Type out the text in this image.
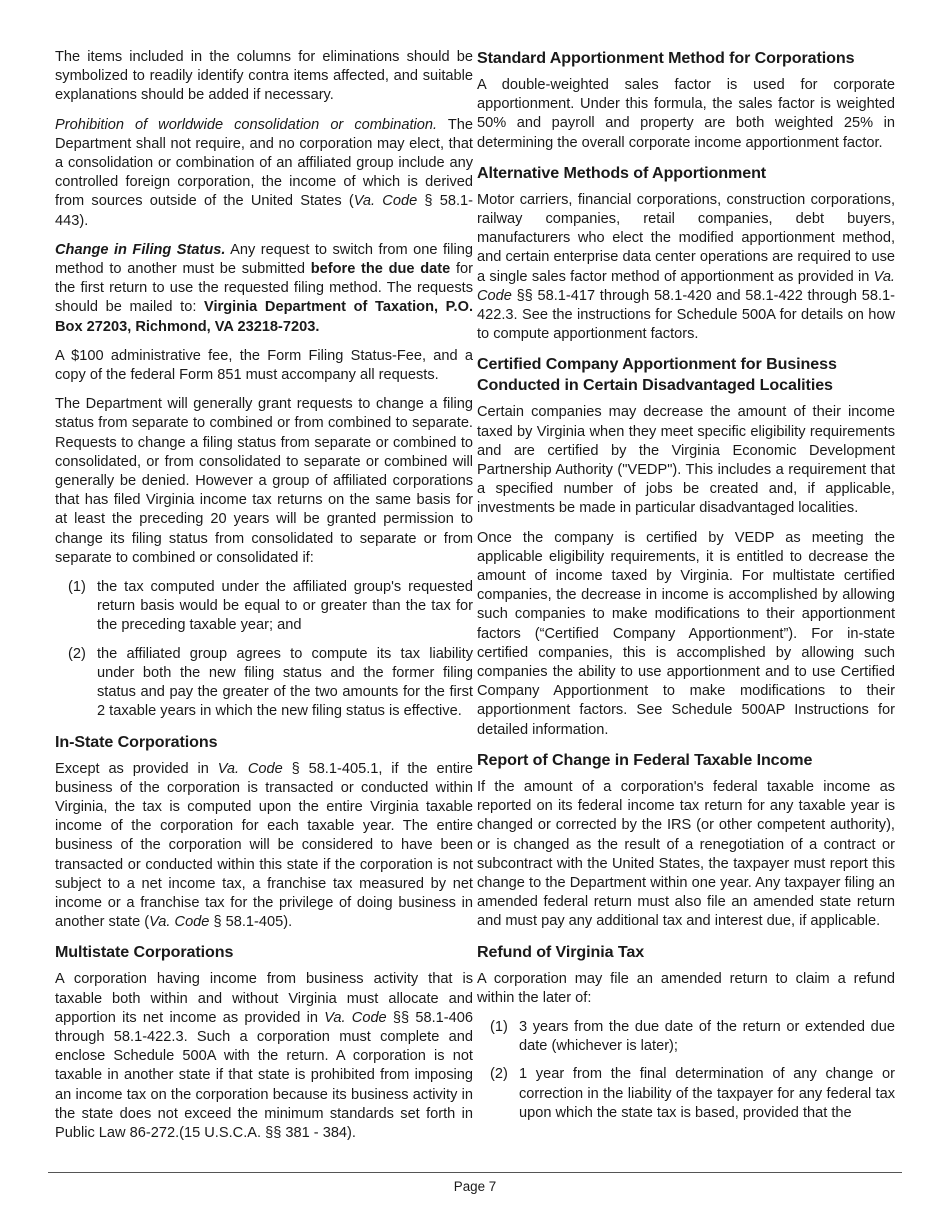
The items included in the columns for eliminations should be symbolized to readily identify contra items affected, and suitable explanations should be added if necessary.

Prohibition of worldwide consolidation or combination. The Department shall not require, and no corporation may elect, that a consolidation or combination of an affiliated group include any controlled foreign corporation, the income of which is derived from sources outside of the United States (Va. Code § 58.1- 443).

Change in Filing Status. Any request to switch from one filing method to another must be submitted before the due date for the first return to use the requested filing method. The requests should be mailed to: Virginia Department of Taxation, P.O. Box 27203, Richmond, VA 23218-7203.

A $100 administrative fee, the Form Filing Status-Fee, and a copy of the federal Form 851 must accompany all requests.

The Department will generally grant requests to change a filing status from separate to combined or from combined to separate. Requests to change a filing status from separate or combined to consolidated, or from consolidated to separate or combined will generally be denied. However a group of affiliated corporations that has filed Virginia income tax returns on the same basis for at least the preceding 20 years will be granted permission to change its filing status from consolidated to separate or from separate to combined or consolidated if:

(1) the tax computed under the affiliated group's requested return basis would be equal to or greater than the tax for the preceding taxable year; and
(2) the affiliated group agrees to compute its tax liability under both the new filing status and the former filing status and pay the greater of the two amounts for the first 2 taxable years in which the new filing status is effective.
In-State Corporations

Except as provided in Va. Code § 58.1-405.1, if the entire business of the corporation is transacted or conducted within Virginia, the tax is computed upon the entire Virginia taxable income of the corporation for each taxable year. The entire business of the corporation will be considered to have been transacted or conducted within this state if the corporation is not subject to a net income tax, a franchise tax measured by net income or a franchise tax for the privilege of doing business in another state (Va. Code § 58.1-405).

Multistate Corporations

A corporation having income from business activity that is taxable both within and without Virginia must allocate and apportion its net income as provided in Va. Code §§ 58.1-406 through 58.1-422.3. Such a corporation must complete and enclose Schedule 500A with the return. A corporation is not taxable in another state if that state is prohibited from imposing an income tax on the corporation because its business activity in the state does not exceed the minimum standards set forth in Public Law 86-272.(15 U.S.C.A. §§ 381 - 384).

Standard Apportionment Method for Corporations

A double-weighted sales factor is used for corporate apportionment. Under this formula, the sales factor is weighted 50% and payroll and property are both weighted 25% in determining the overall corporate income apportionment factor.

Alternative Methods of Apportionment

Motor carriers, financial corporations, construction corporations, railway companies, retail companies, debt buyers, manufacturers who elect the modified apportionment method, and certain enterprise data center operations are required to use a single sales factor method of apportionment as provided in Va. Code §§ 58.1-417 through 58.1-420 and 58.1-422 through 58.1-422.3. See the instructions for Schedule 500A for details on how to compute apportionment factors.

Certified Company Apportionment for Business Conducted in Certain Disadvantaged Localities

Certain companies may decrease the amount of their income taxed by Virginia when they meet specific eligibility requirements and are certified by the Virginia Economic Development Partnership Authority ("VEDP"). This includes a requirement that a specified number of jobs be created and, if applicable, investments be made in particular disadvantaged localities.

Once the company is certified by VEDP as meeting the applicable eligibility requirements, it is entitled to decrease the amount of income taxed by Virginia. For multistate certified companies, the decrease in income is accomplished by allowing such companies to make modifications to their apportionment factors (“Certified Company Apportionment”). For in-state certified companies, this is accomplished by allowing such companies the ability to use apportionment and to use Certified Company Apportionment to make modifications to their apportionment factors. See Schedule 500AP Instructions for detailed information.

Report of Change in Federal Taxable Income

If the amount of a corporation's federal taxable income as reported on its federal income tax return for any taxable year is changed or corrected by the IRS (or other competent authority), or is changed as the result of a renegotiation of a contract or subcontract with the United States, the taxpayer must report this change to the Department within one year. Any taxpayer filing an amended federal return must also file an amended state return and must pay any additional tax and interest due, if applicable.

Refund of Virginia Tax

A corporation may file an amended return to claim a refund within the later of:

(1) 3 years from the due date of the return or extended due date (whichever is later);
(2) 1 year from the final determination of any change or correction in the liability of the taxpayer for any federal tax upon which the state tax is based, provided that the
Page 7
